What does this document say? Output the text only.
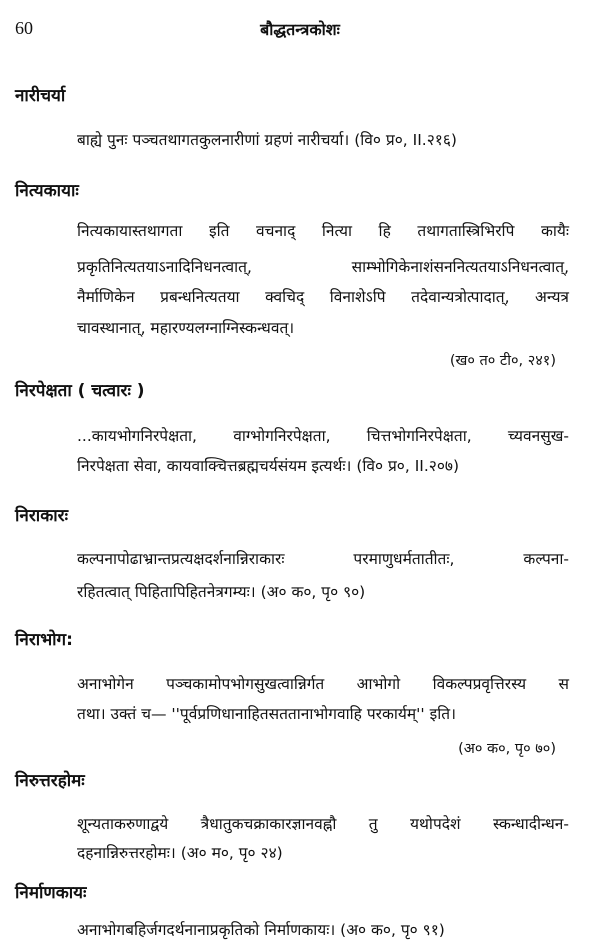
60	बौद्धतन्त्रकोशः
नारीचर्या
बाह्ये पुनः पञ्चतथागतकुलनारीणां ग्रहणं नारीचर्या। (वि० प्र०, II.२१६)
नित्यकायाः
नित्यकायास्तथागता इति वचनाद् नित्या हि तथागतास्त्रिभिरपि कायैः
प्रकृतिनित्यतयाऽनादिनिधनत्वात्, साम्भोगिकेनाशंसननित्यतयाऽनिधनत्वात्,
नैर्माणिकेन प्रबन्धनित्यतया क्वचिद् विनाशेऽपि तदेवान्यत्रोत्पादात्, अन्यत्र
चावस्थानात्, महारण्यलग्नाग्निस्कन्धवत्।
(ख० त० टी०, २४१)
निरपेक्षता ( चत्वारः )
...कायभोगनिरपेक्षता, वाग्भोगनिरपेक्षता, चित्तभोगनिरपेक्षता, च्यवनसुख-
निरपेक्षता सेवा, कायवाक्चित्तब्रह्मचर्यसंयम इत्यर्थः। (वि० प्र०, II.२०७)
निराकारः
कल्पनापोढाभ्रान्तप्रत्यक्षदर्शनान्निराकारः परमाणुधर्मतातीतः, कल्पना-
रहितत्वात् पिहितापिहितनेत्रगम्यः। (अ० क०, पृ० ९०)
निराभोग:
अनाभोगेन पञ्चकामोपभोगसुखत्वान्निर्गत आभोगो विकल्पप्रवृत्तिरस्य स
तथा। उक्तं च— ''पूर्वप्रणिधानाहितसततानाभोगवाहि परकार्यम्'' इति।
(अ० क०, पृ० ७०)
निरुत्तरहोमः
शून्यताकरुणाद्वये त्रैधातुकचक्राकारज्ञानवह्नौ तु यथोपदेशं स्कन्धादीन्धन-
दहनान्निरुत्तरहोमः। (अ० म०, पृ० २४)
निर्माणकायः
अनाभोगबहिर्जगदर्थनानाप्रकृतिको निर्माणकायः। (अ० क०, पृ० ९१)
